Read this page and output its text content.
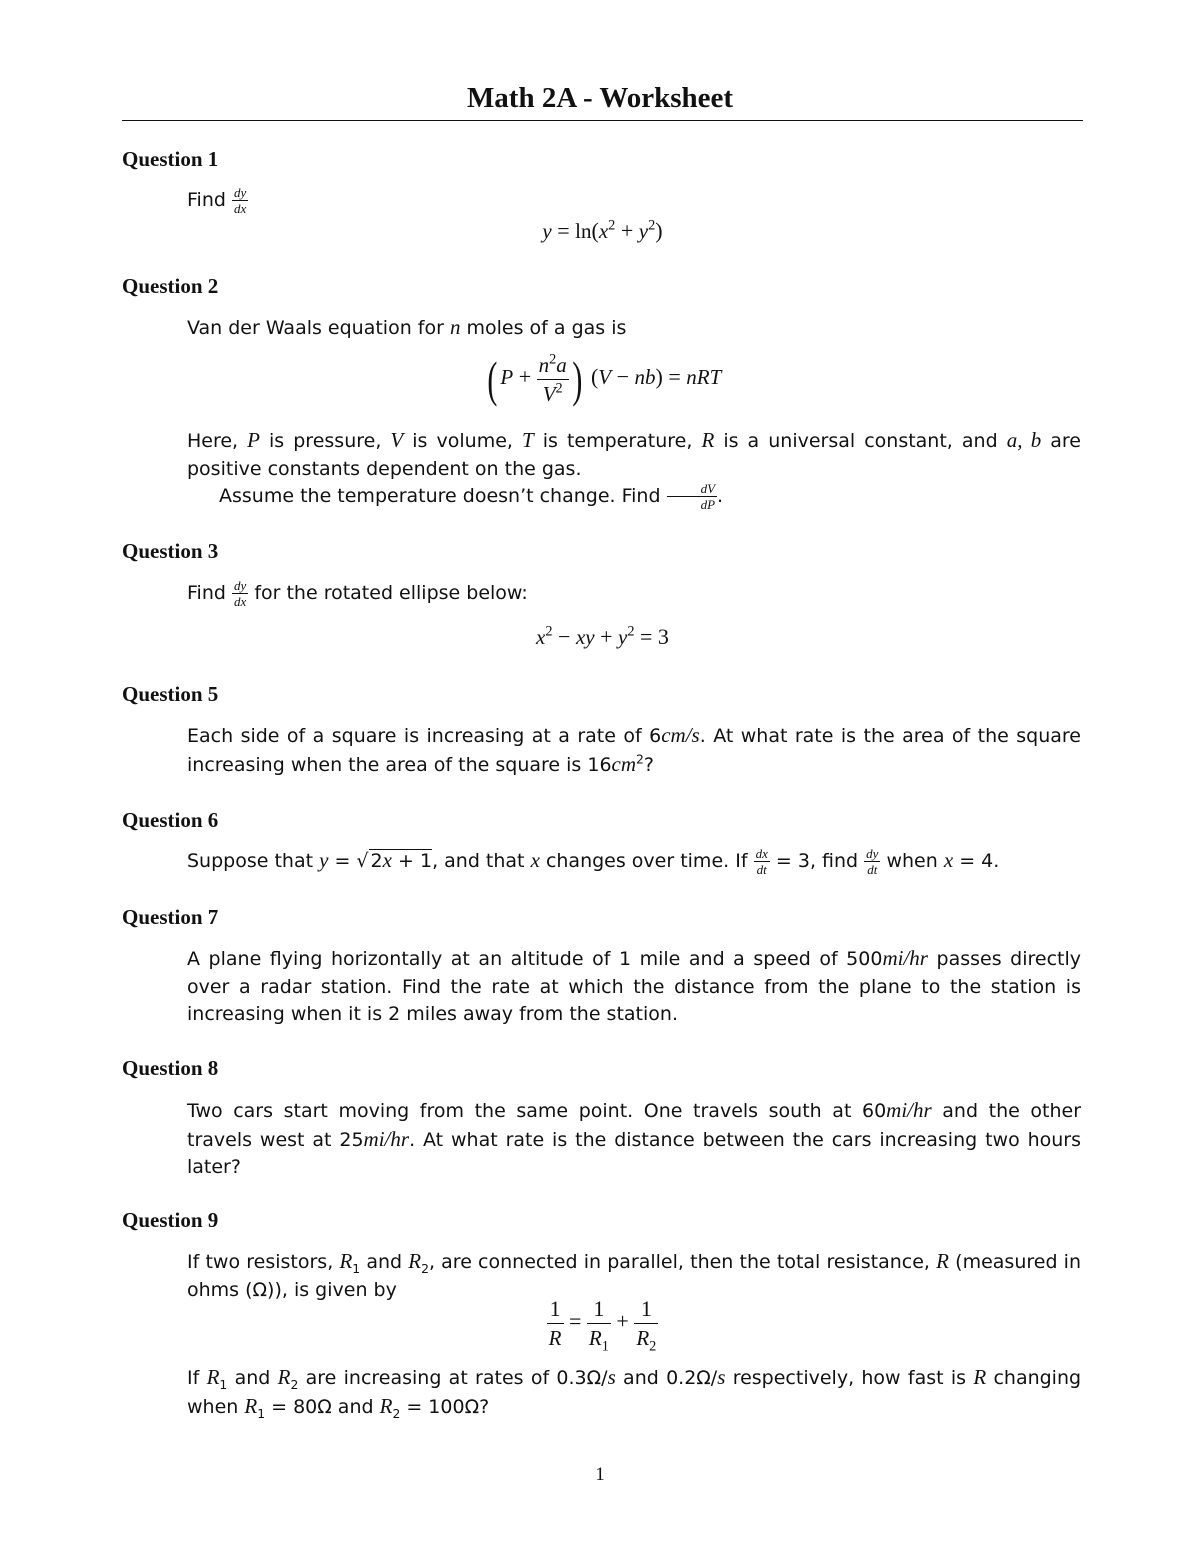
Math 2A - Worksheet
Question 1
Find $\frac{dy}{dx}$
$y = \ln(x^2 + y^2)$
Question 2
Van der Waals equation for n moles of a gas is
( $P + \frac{n^2a}{V^2}$ ) (V − nb) = nRT
Here, P is pressure, V is volume, T is temperature, R is a universal constant, and a, b are positive constants dependent on the gas.
Assume the temperature doesn’t change. Find $\frac{dV}{dP}$ .
Question 3
Find $\frac{dy}{dx}$ for the rotated ellipse below:
$x^2$ − xy + $y^2 = 3$
Question 5
Each side of a square is increasing at a rate of 6cm/s. At what rate is the area of the square increasing when the area of the square is $16cm^2$?
Question 6
Suppose that y = √ 2x + 1, and that x changes over time. If $\frac{dx}{dt} = 3$, find $\frac{dy}{dt}$ when x = 4.
Question 7
A plane flying horizontally at an altitude of 1 mile and a speed of 500mi/hr passes directly over a radar station. Find the rate at which the distance from the plane to the station is increasing when it is 2 miles away from the station.
Question 8
Two cars start moving from the same point. One travels south at 60mi/hr and the other travels west at 25mi/hr. At what rate is the distance between the cars increasing two hours later?
Question 9
If two resistors, $R_1$ and $R_2$, are connected in parallel, then the total resistance, R (measured in ohms (Ω)), is given by
$\frac{1}{R} = \frac{1}{R_1} + \frac{1}{R_2}$
If $R_1$ and $R_2$ are increasing at rates of 0.3Ω/s and 0.2Ω/s respectively, how fast is R changing when $R_1 = 80\Omega$ and $R_2 = 100\Omega$?
1
